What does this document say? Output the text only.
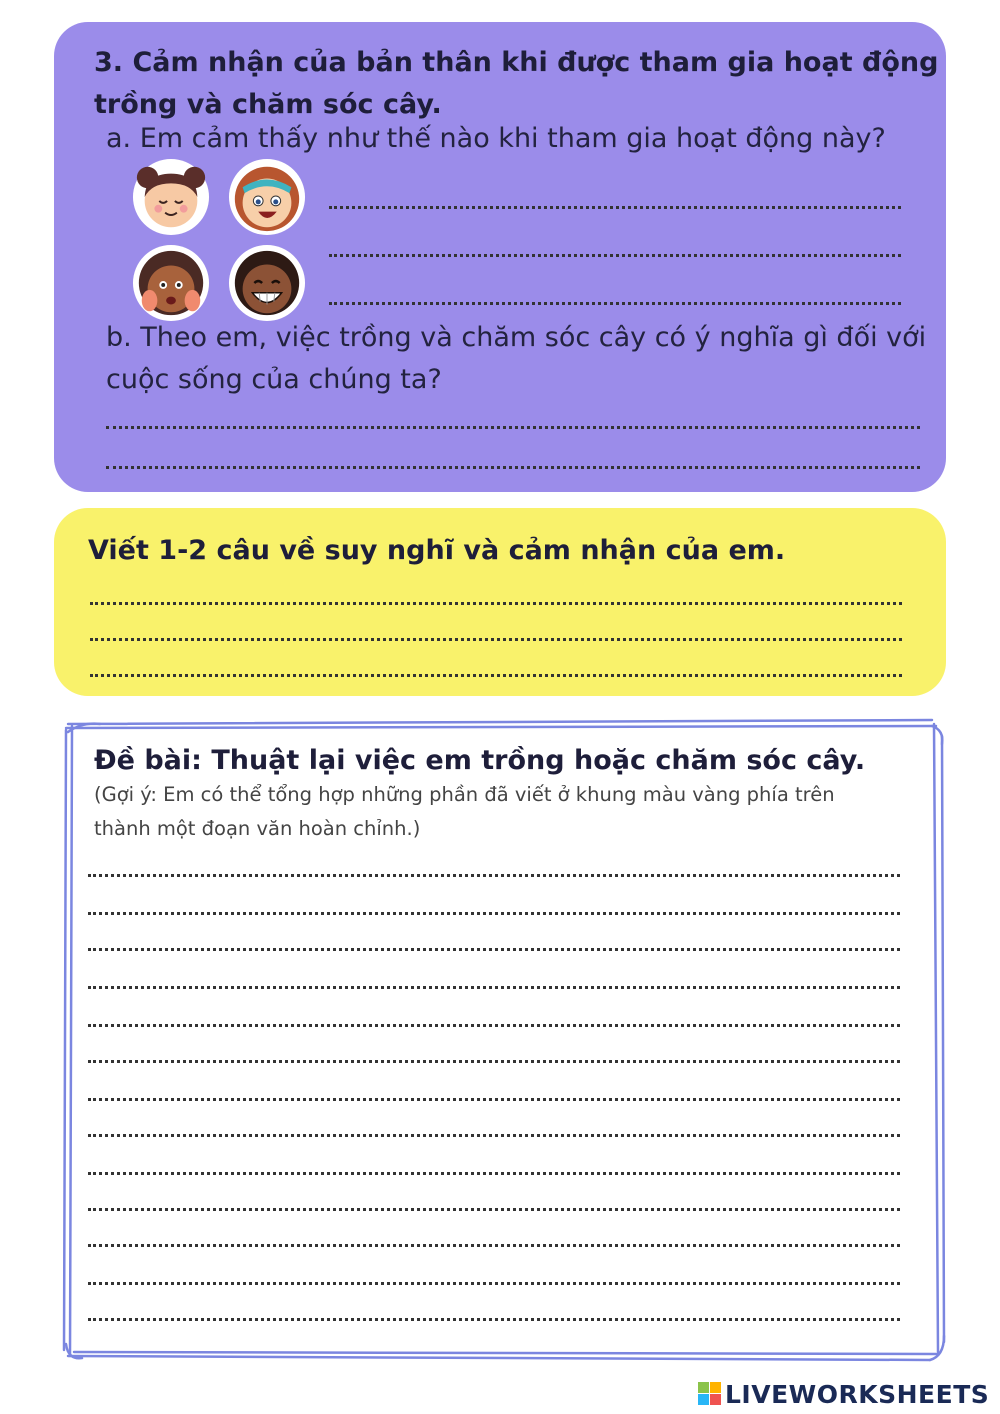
3. Cảm nhận của bản thân khi được tham gia hoạt động
trồng và chăm sóc cây.
a. Em cảm thấy như thế nào khi tham gia hoạt động này?
b. Theo em, việc trồng và chăm sóc cây có ý nghĩa gì đối với
cuộc sống của chúng ta?
Viết 1-2 câu về suy nghĩ và cảm nhận của em.
Đề bài: Thuật lại việc em trồng hoặc chăm sóc cây.
(Gợi ý: Em có thể tổng hợp những phần đã viết ở khung màu vàng phía trên
thành một đoạn văn hoàn chỉnh.)
LIVEWORKSHEETS
